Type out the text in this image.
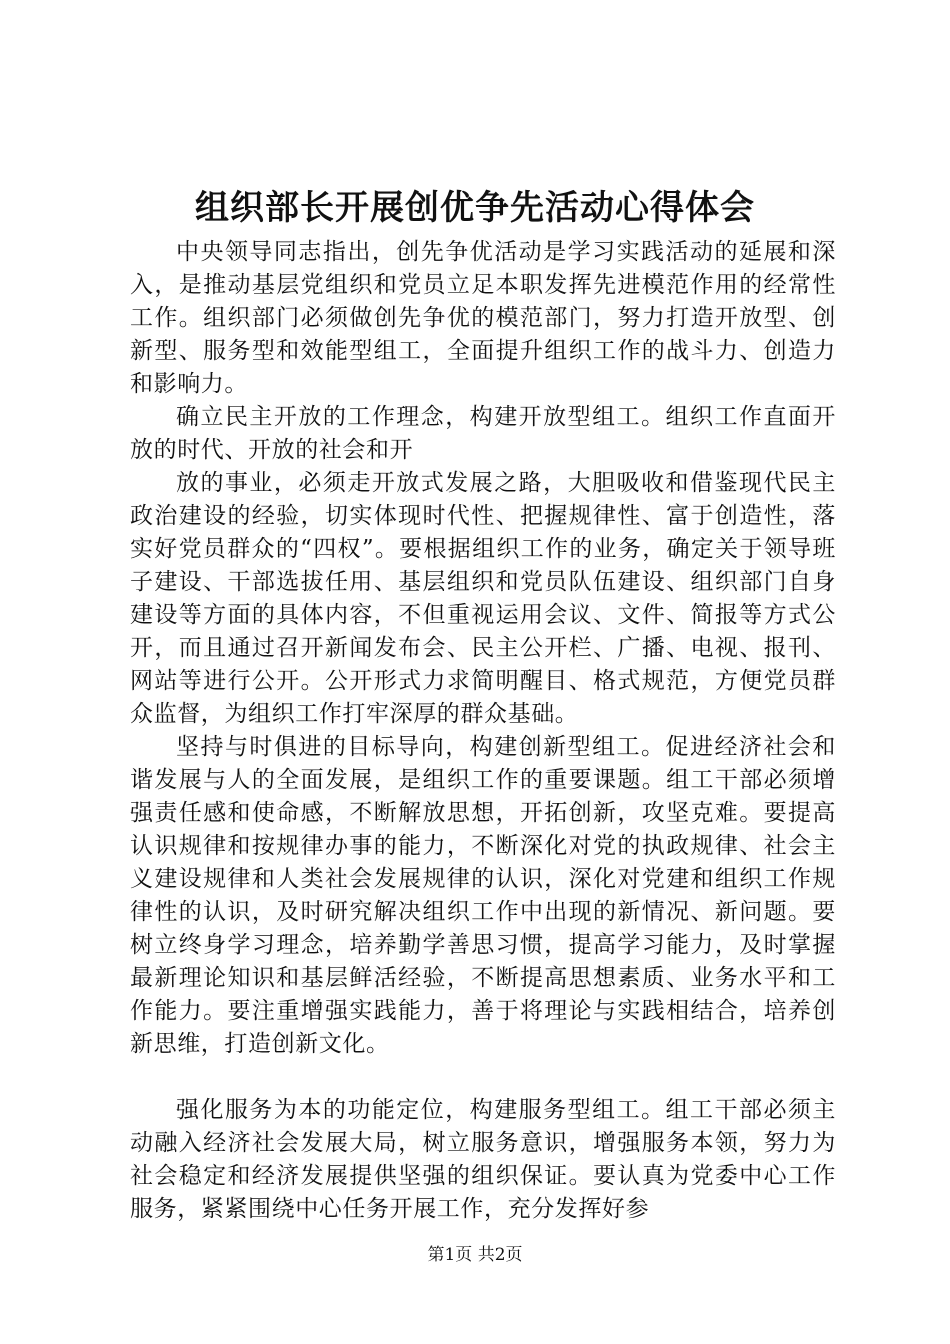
组织部长开展创优争先活动心得体会

中央领导同志指出，创先争优活动是学习实践活动的延展和深入，是推动基层党组织和党员立足本职发挥先进模范作用的经常性工作。组织部门必须做创先争优的模范部门，努力打造开放型、创新型、服务型和效能型组工，全面提升组织工作的战斗力、创造力和影响力。

确立民主开放的工作理念，构建开放型组工。组织工作直面开放的时代、开放的社会和开

放的事业，必须走开放式发展之路，大胆吸收和借鉴现代民主政治建设的经验，切实体现时代性、把握规律性、富于创造性，落实好党员群众的“四权”。要根据组织工作的业务，确定关于领导班子建设、干部选拔任用、基层组织和党员队伍建设、组织部门自身建设等方面的具体内容，不但重视运用会议、文件、简报等方式公开，而且通过召开新闻发布会、民主公开栏、广播、电视、报刊、网站等进行公开。公开形式力求简明醒目、格式规范，方便党员群众监督，为组织工作打牢深厚的群众基础。

坚持与时俱进的目标导向，构建创新型组工。促进经济社会和谐发展与人的全面发展，是组织工作的重要课题。组工干部必须增强责任感和使命感，不断解放思想，开拓创新，攻坚克难。要提高认识规律和按规律办事的能力，不断深化对党的执政规律、社会主义建设规律和人类社会发展规律的认识，深化对党建和组织工作规律性的认识，及时研究解决组织工作中出现的新情况、新问题。要树立终身学习理念，培养勤学善思习惯，提高学习能力，及时掌握最新理论知识和基层鲜活经验，不断提高思想素质、业务水平和工作能力。要注重增强实践能力，善于将理论与实践相结合，培养创新思维，打造创新文化。

强化服务为本的功能定位，构建服务型组工。组工干部必须主动融入经济社会发展大局，树立服务意识，增强服务本领，努力为社会稳定和经济发展提供坚强的组织保证。要认真为党委中心工作服务，紧紧围绕中心任务开展工作，充分发挥好参

第1页 共2页
